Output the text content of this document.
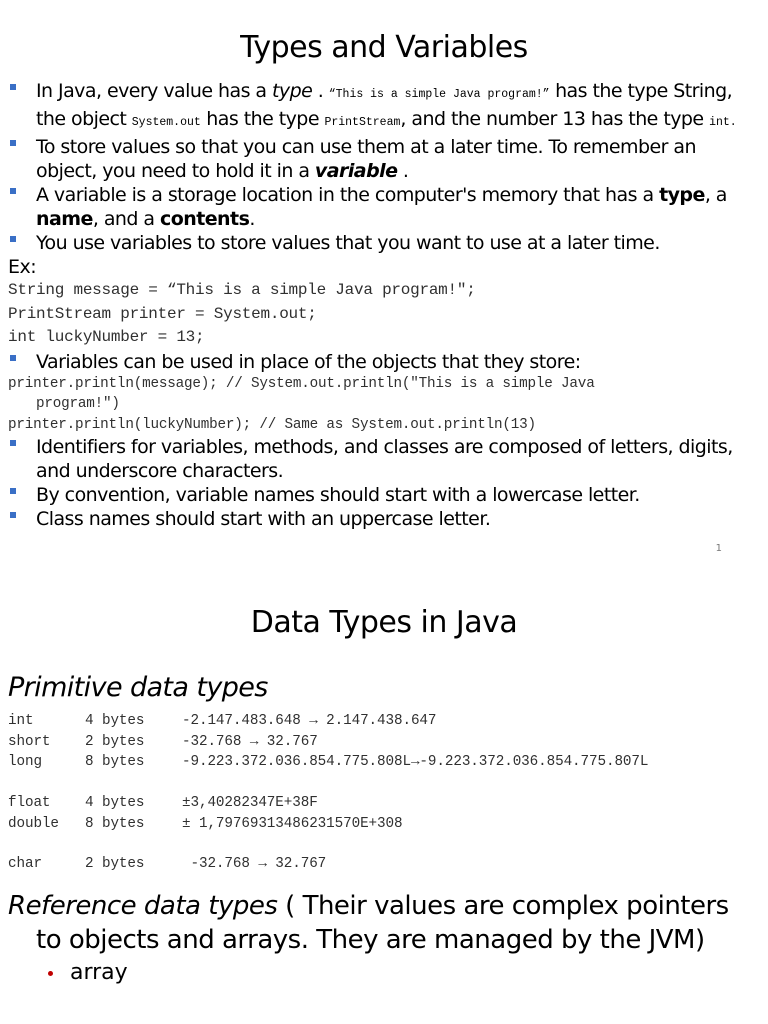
Types and Variables

In Java, every value has a type . “This is a simple Java program!” has the type String, the object System.out has the type PrintStream, and the number 13 has the type int.

To store values so that you can use them at a later time. To remember an object, you need to hold it in a variable .

A variable is a storage location in the computer's memory that has a type, a name, and a contents.

You use variables to store values that you want to use at a later time.

Ex:
String message = “This is a simple Java program!";
PrintStream printer = System.out;
int luckyNumber = 13;

Variables can be used in place of the objects that they store:

printer.println(message); // System.out.println("This is a simple Java
program!")
printer.println(luckyNumber); // Same as System.out.println(13)

Identifiers for variables, methods, and classes are composed of letters, digits, and underscore characters.

By convention, variable names should start with a lowercase letter.

Class names should start with an uppercase letter.

1
Data Types in Java
Primitive data types
int	4 bytes	-2.147.483.648 → 2.147.438.647
short 2 bytes	-32.768 → 32.767
long	8 bytes	-9.223.372.036.854.775.808L→-9.223.372.036.854.775.807L
float 4 bytes	±3,40282347E+38F
double 8 bytes	± 1,79769313486231570E+308
char	2 bytes	-32.768 → 32.767
Reference data types ( Their values are complex pointers to objects and arrays. They are managed by the JVM)
array
